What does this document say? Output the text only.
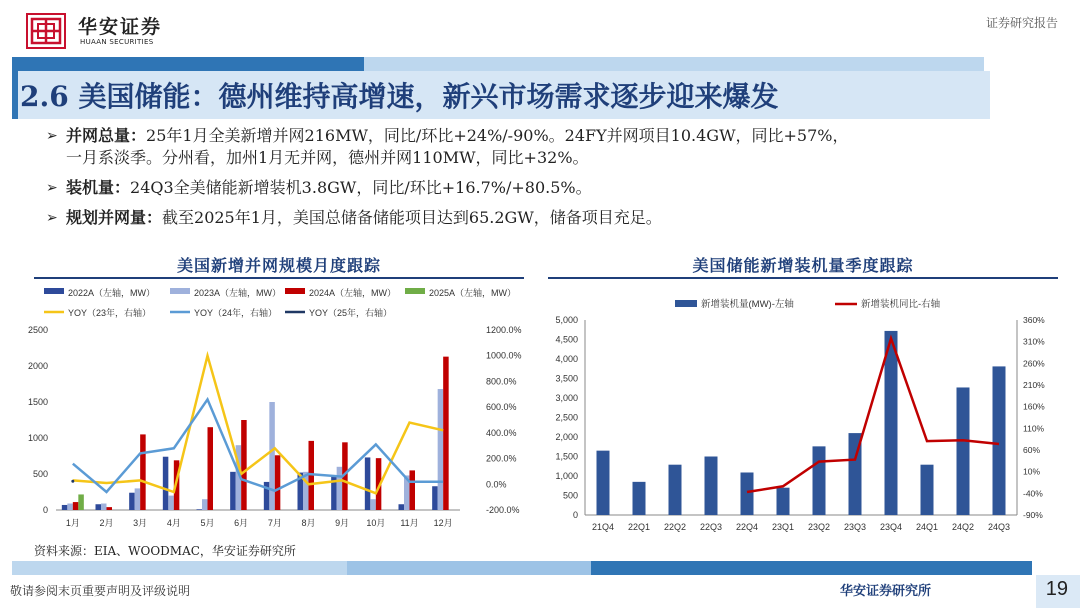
华安证券
HUAAN SECURITIES
证券研究报告
2.6 美国储能：德州维持高增速，新兴市场需求逐步迎来爆发
➢ 并网总量：25年1月全美新增并网216MW，同比/环比+24%/-90%。24FY并网项目10.4GW，同比+57%，
一月系淡季。分州看，加州1月无并网，德州并网110MW，同比+32%。
➢ 装机量：24Q3全美储能新增装机3.8GW，同比/环比+16.7%/+80.5%。
➢ 规划并网量：截至2025年1月，美国总储备储能项目达到65.2GW，储备项目充足。
美国新增并网规模月度跟踪	美国储能新增装机量季度跟踪
2022A（左轴，MW）	2023A（左轴，MW）	2024A（左轴，MW）	2025A（左轴，MW）
YOY（23年，右轴）	YOY（24年，右轴）	YOY（25年，右轴）
0
500
1000
1500
2000
2500
-200.0%
0.0%
200.0%
400.0%
600.0%
800.0%
1000.0%
1200.0%
1月 2月 3月 4月 5月 6月 7月 8月 9月 10月 11月 12月
新增装机量(MW)-左轴	新增装机同比-右轴
0
500
1,000
1,500
2,000
2,500
3,000
3,500
4,000
4,500
5,000
-90%
-40%
10%
60%
110%
160%
210%
260%
310%
360%
21Q4 22Q1 22Q2 22Q3 22Q4 23Q1 23Q2 23Q3 23Q4 24Q1 24Q2 24Q3
资料来源：EIA、WOODMAC，华安证券研究所
敬请参阅末页重要声明及评级说明	华安证券研究所	19
